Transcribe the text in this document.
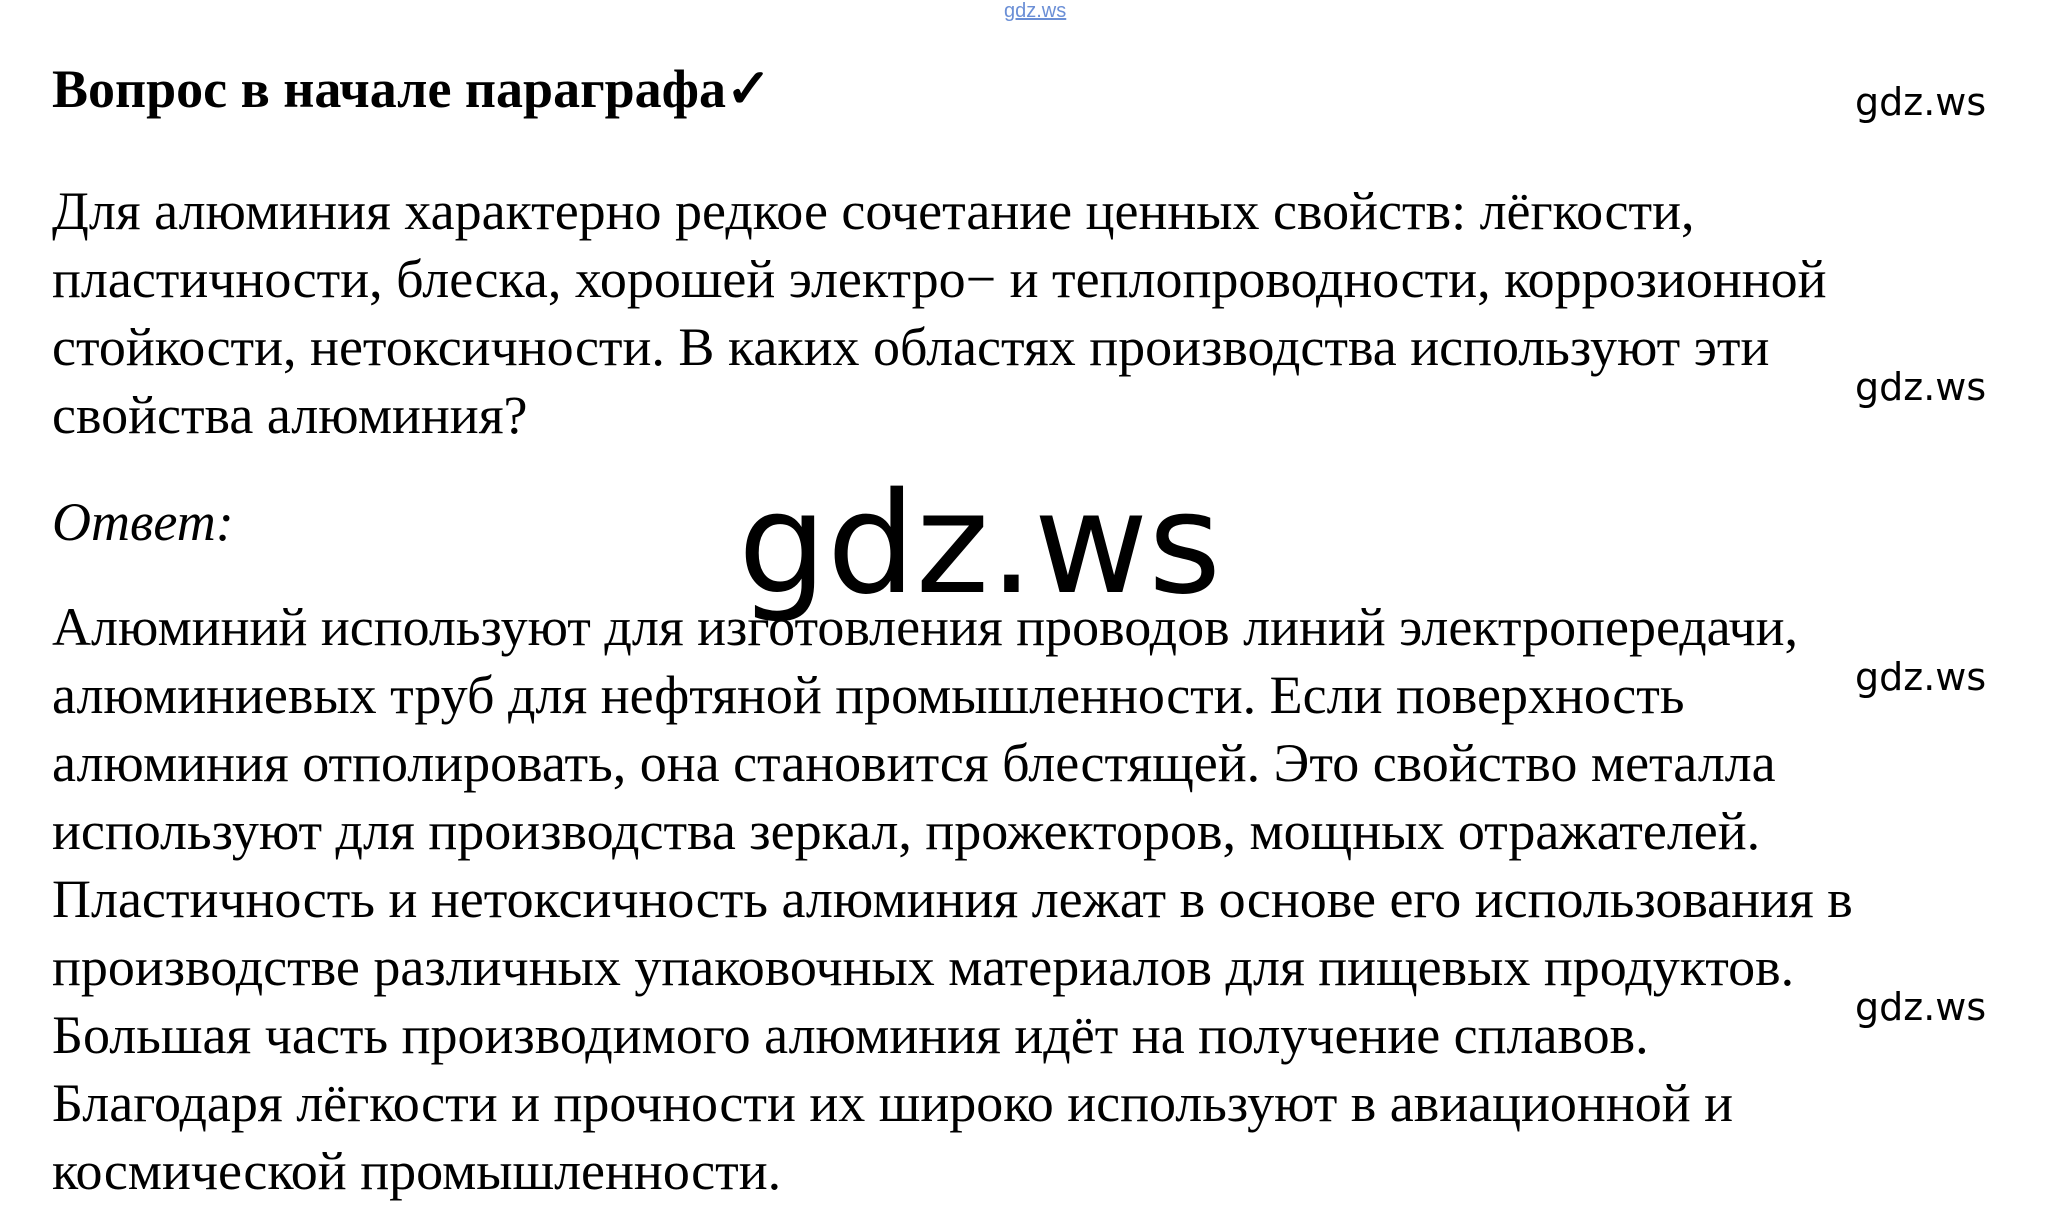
gdz.ws
Вопрос в начале параграфа✓
Для алюминия характерно редкое сочетание ценных свойств: лёгкости,
пластичности, блеска, хорошей электро− и теплопроводности, коррозионной
стойкости, нетоксичности. В каких областях производства используют эти
свойства алюминия?
Ответ:
Алюминий используют для изготовления проводов линий электропередачи,
алюминиевых труб для нефтяной промышленности. Если поверхность
алюминия отполировать, она становится блестящей. Это свойство металла
используют для производства зеркал, прожекторов, мощных отражателей.
Пластичность и нетоксичность алюминия лежат в основе его использования в
производстве различных упаковочных материалов для пищевых продуктов.
Большая часть производимого алюминия идёт на получение сплавов.
Благодаря лёгкости и прочности их широко используют в авиационной и
космической промышленности.
gdz.ws
gdz.ws
gdz.ws
gdz.ws
gdz.ws
